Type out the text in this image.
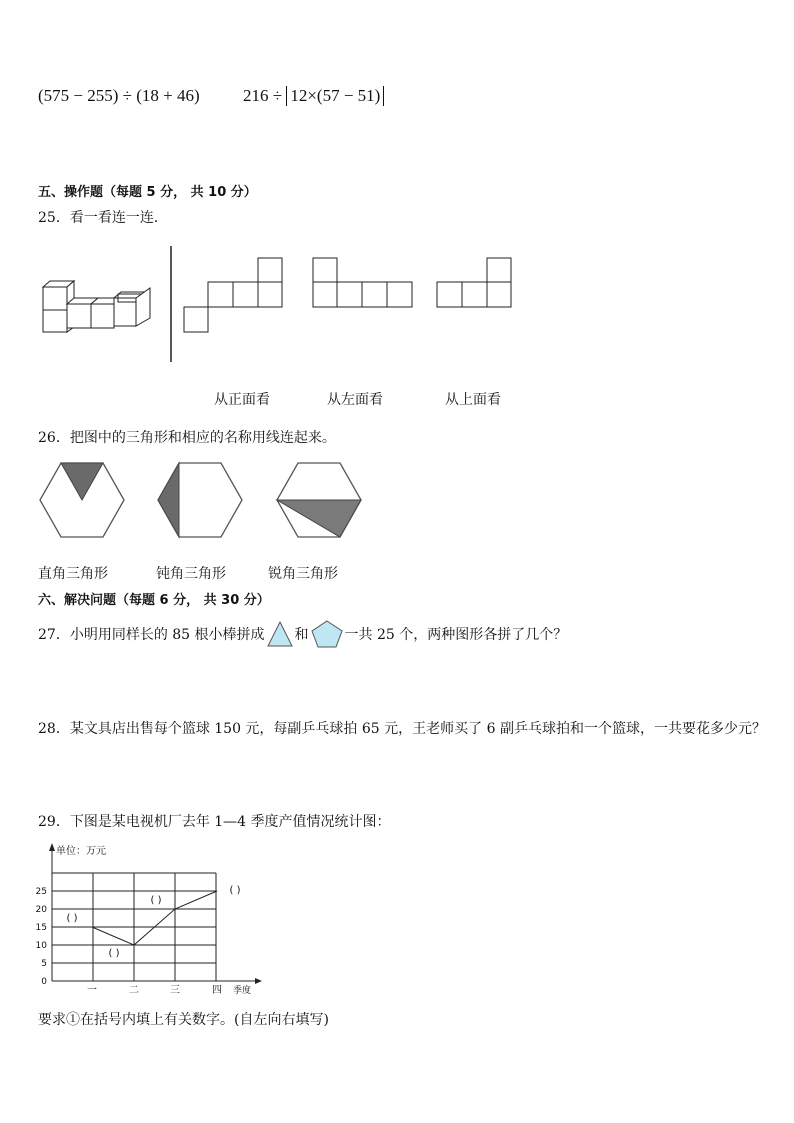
(575 − 255) ÷ (18 + 46)	216 ÷ 12×(57 − 51)
五、操作题（每题 5 分， 共 10 分）
25．看一看连一连．
从正面看	从左面看	从上面看
26．把图中的三角形和相应的名称用线连起来。
直角三角形	钝角三角形	锐角三角形
六、解决问题（每题 6 分， 共 30 分）
27．小明用同样长的 85 根小棒拼成 和	一共 25 个，两种图形各拼了几个？
28．某文具店出售每个篮球 150 元，每副乒乓球拍 65 元，王老师买了 6 副乒乓球拍和一个篮球，一共要花多少元？
29．下图是某电视机厂去年 1—4 季度产值情况统计图：
单位：万元
0
5
10
15
20
25
一	二	三	四 季度
( )
( )
( )
( )
要求①在括号内填上有关数字。(自左向右填写)
